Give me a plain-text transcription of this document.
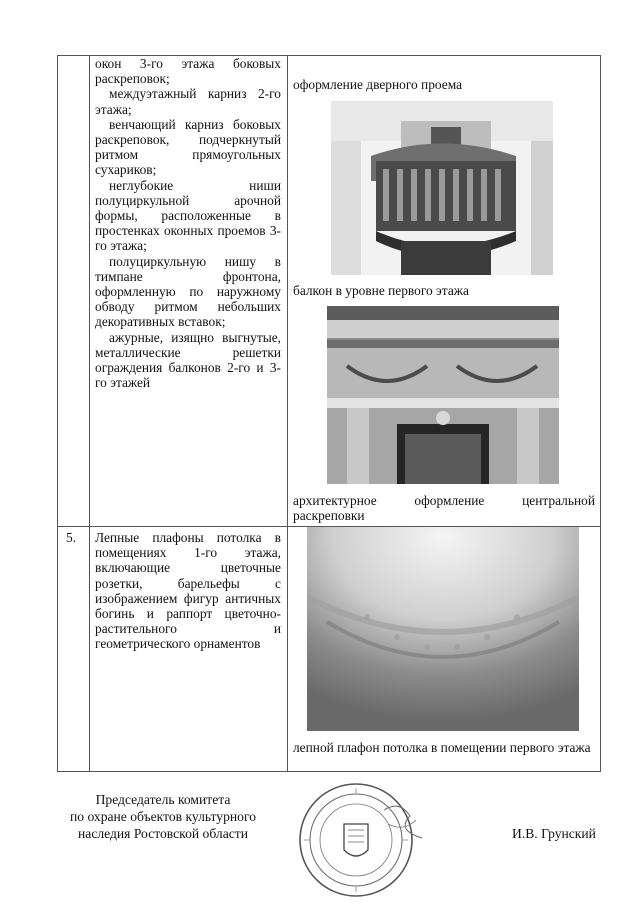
окон 3-го этажа боковых раскреповок;

междуэтажный карниз 2-го этажа;

венчающий карниз боковых раскреповок, подчеркнутый ритмом прямоугольных сухариков;

неглубокие ниши полуциркульной арочной формы, расположенные в простенках оконных проемов 3-го этажа;

полуциркульную нишу в тимпане фронтона, оформленную по наружному обводу ритмом небольших декоративных вставок;

ажурные, изящно выгнутые, металлические решетки ограждения балконов 2-го и 3-го этажей

оформление дверного проема
балкон в уровне первого этажа
архитектурное оформление центральной раскреповки
5. Лепные плафоны потолка в помещениях 1-го этажа, включающие цветочные розетки, барельефы с изображением фигур античных богинь и раппорт цветочно-растительного и геометрического орнаментов
лепной плафон потолка в помещении первого этажа
Председатель комитета
по охране объектов культурного
наследия Ростовской области	И.В. Грунский
